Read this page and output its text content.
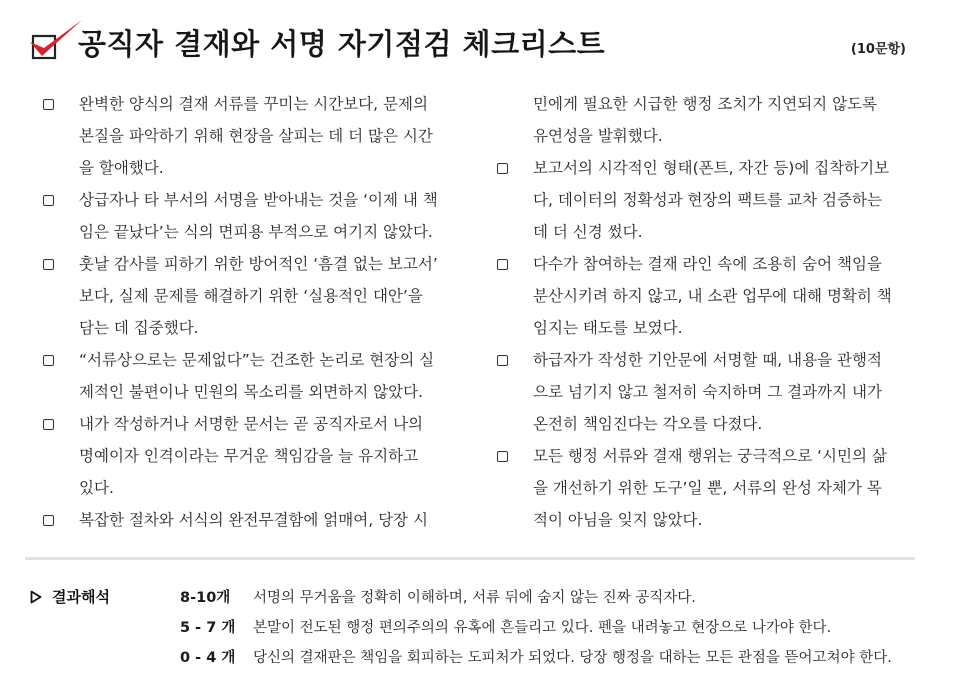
공직자 결재와 서명 자기점검 체크리스트	(10문항)
완벽한 양식의 결재 서류를 꾸미는 시간보다, 문제의
본질을 파악하기 위해 현장을 살피는 데 더 많은 시간
을 할애했다.
상급자나 타 부서의 서명을 받아내는 것을 ‘이제 내 책
임은 끝났다’는 식의 면피용 부적으로 여기지 않았다.
훗날 감사를 피하기 위한 방어적인 ‘흠결 없는 보고서’
보다, 실제 문제를 해결하기 위한 ‘실용적인 대안’을
담는 데 집중했다.
“서류상으로는 문제없다”는 건조한 논리로 현장의 실
제적인 불편이나 민원의 목소리를 외면하지 않았다.
내가 작성하거나 서명한 문서는 곧 공직자로서 나의
명예이자 인격이라는 무거운 책임감을 늘 유지하고
있다.
복잡한 절차와 서식의 완전무결함에 얽매여, 당장 시
민에게 필요한 시급한 행정 조치가 지연되지 않도록
유연성을 발휘했다.
보고서의 시각적인 형태(폰트, 자간 등)에 집착하기보
다, 데이터의 정확성과 현장의 팩트를 교차 검증하는
데 더 신경 썼다.
다수가 참여하는 결재 라인 속에 조용히 숨어 책임을
분산시키려 하지 않고, 내 소관 업무에 대해 명확히 책
임지는 태도를 보였다.
하급자가 작성한 기안문에 서명할 때, 내용을 관행적
으로 넘기지 않고 철저히 숙지하며 그 결과까지 내가
온전히 책임진다는 각오를 다졌다.
모든 행정 서류와 결재 행위는 궁극적으로 ‘시민의 삶
을 개선하기 위한 도구’일 뿐, 서류의 완성 자체가 목
적이 아님을 잊지 않았다.
결과해석	8-10개	서명의 무거움을 정확히 이해하며, 서류 뒤에 숨지 않는 진짜 공직자다.
5 - 7 개	본말이 전도된 행정 편의주의의 유혹에 흔들리고 있다. 펜을 내려놓고 현장으로 나가야 한다.
0 - 4 개	당신의 결재판은 책임을 회피하는 도피처가 되었다. 당장 행정을 대하는 모든 관점을 뜯어고쳐야 한다.
